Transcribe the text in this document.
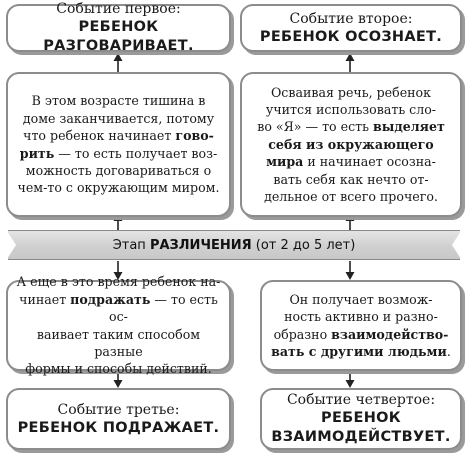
Событие первое:
РЕБЕНОК РАЗГОВАРИВАЕТ.
Событие второе:
РЕБЕНОК ОСОЗНАЕТ.
В этом возрасте тишина в
доме заканчивается, потому
что ребенок начинает гово-
рить — то есть получает воз-
можность договариваться о
чем-то с окружающим миром.
Осваивая речь, ребенок
учится использовать сло-
во «Я» — то есть выделяет
себя из окружающего
мира и начинает осозна-
вать себя как нечто от-
дельное от всего прочего.
Этап РАЗЛИЧЕНИЯ (от 2 до 5 лет)
А еще в это время ребенок на-
чинает подражать — то есть ос-
ваивает таким способом разные
формы и способы действий.
Он получает возмож-
ность активно и разно-
образно взаимодейство-
вать с другими людьми.
Событие третье:
РЕБЕНОК ПОДРАЖАЕТ.
Событие четвертое:
РЕБЕНОК
ВЗАИМОДЕЙСТВУЕТ.
